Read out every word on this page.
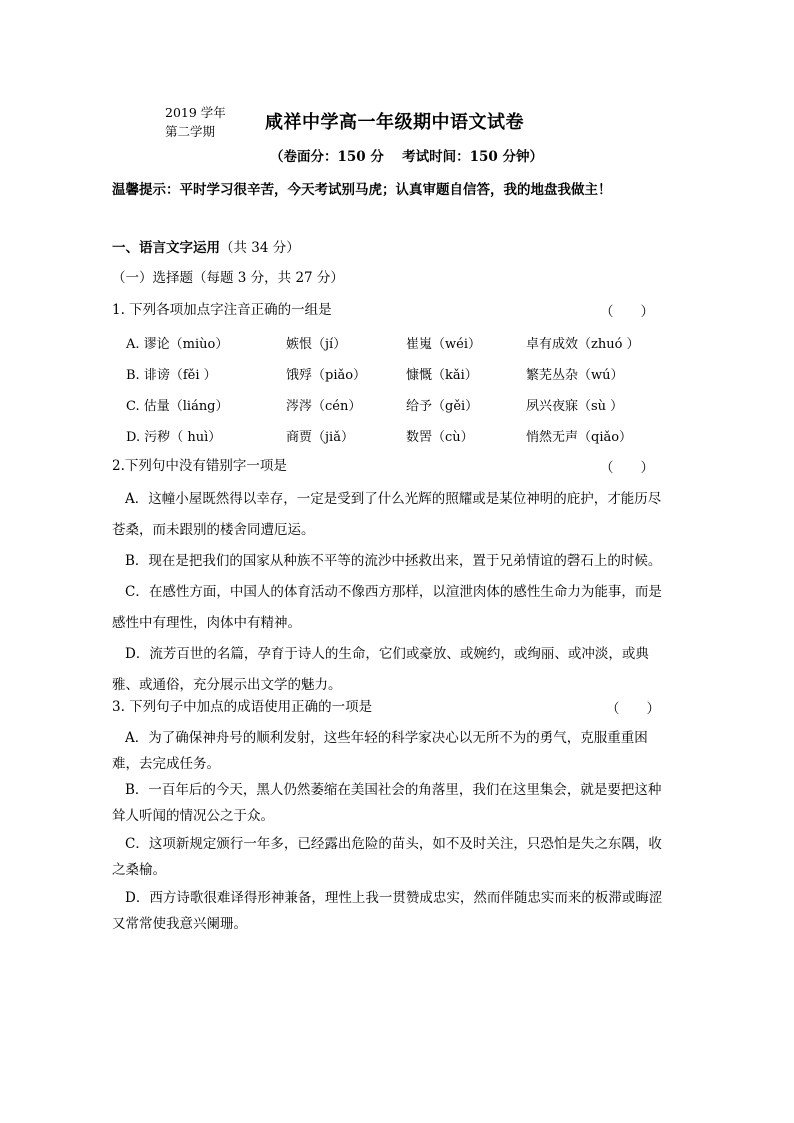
2019 学年
第二学期	咸祥中学高一年级期中语文试卷
（卷面分：150 分　 考试时间：150 分钟）
温馨提示：平时学习很辛苦，今天考试别马虎；认真审题自信答，我的地盘我做主！
一、语言文字运用（共 34 分）
（一）选择题（每题 3 分，共 27 分）
1. 下列各项加点字注音正确的一组是	（　　）
A. 谬论（miùo）	嫉恨（jí）	崔嵬（wéi）	卓有成效（zhuó ）
B. 诽谤（fěi ）	饿殍（piǎo）	慷慨（kǎi）	繁芜丛杂（wú）
C. 估量（liáng）	涔涔（cén）	给予（gěi）	夙兴夜寐（sù ）
D. 污秽（ huì）	商贾（jiǎ）	数罟（cù）	悄然无声（qiǎo）
2.下列句中没有错别字一项是	（　　）
A．这幢小屋既然得以幸存，一定是受到了什么光辉的照耀或是某位神明的庇护，才能历尽苍桑，而未跟别的楼舍同遭厄运。
B．现在是把我们的国家从种族不平等的流沙中拯救出来，置于兄弟情谊的磬石上的时候。
C．在感性方面，中国人的体育活动不像西方那样，以渲泄肉体的感性生命力为能事，而是感性中有理性，肉体中有精神。
D．流芳百世的名篇，孕育于诗人的生命，它们或豪放、或婉约，或绚丽、或冲淡，或典雅、或通俗，充分展示出文学的魅力。
3. 下列句子中加点的成语使用正确的一项是	（　　）
A．为了确保神舟号的顺利发射，这些年轻的科学家决心以无所不为的勇气，克服重重困难，去完成任务。
B．一百年后的今天，黑人仍然萎缩在美国社会的角落里，我们在这里集会，就是要把这种耸人听闻的情况公之于众。
C．这项新规定颁行一年多，已经露出危险的苗头，如不及时关注，只恐怕是失之东隅，收之桑榆。
D．西方诗歌很难译得形神兼备，理性上我一贯赞成忠实，然而伴随忠实而来的板滞或晦涩又常常使我意兴阑珊。
